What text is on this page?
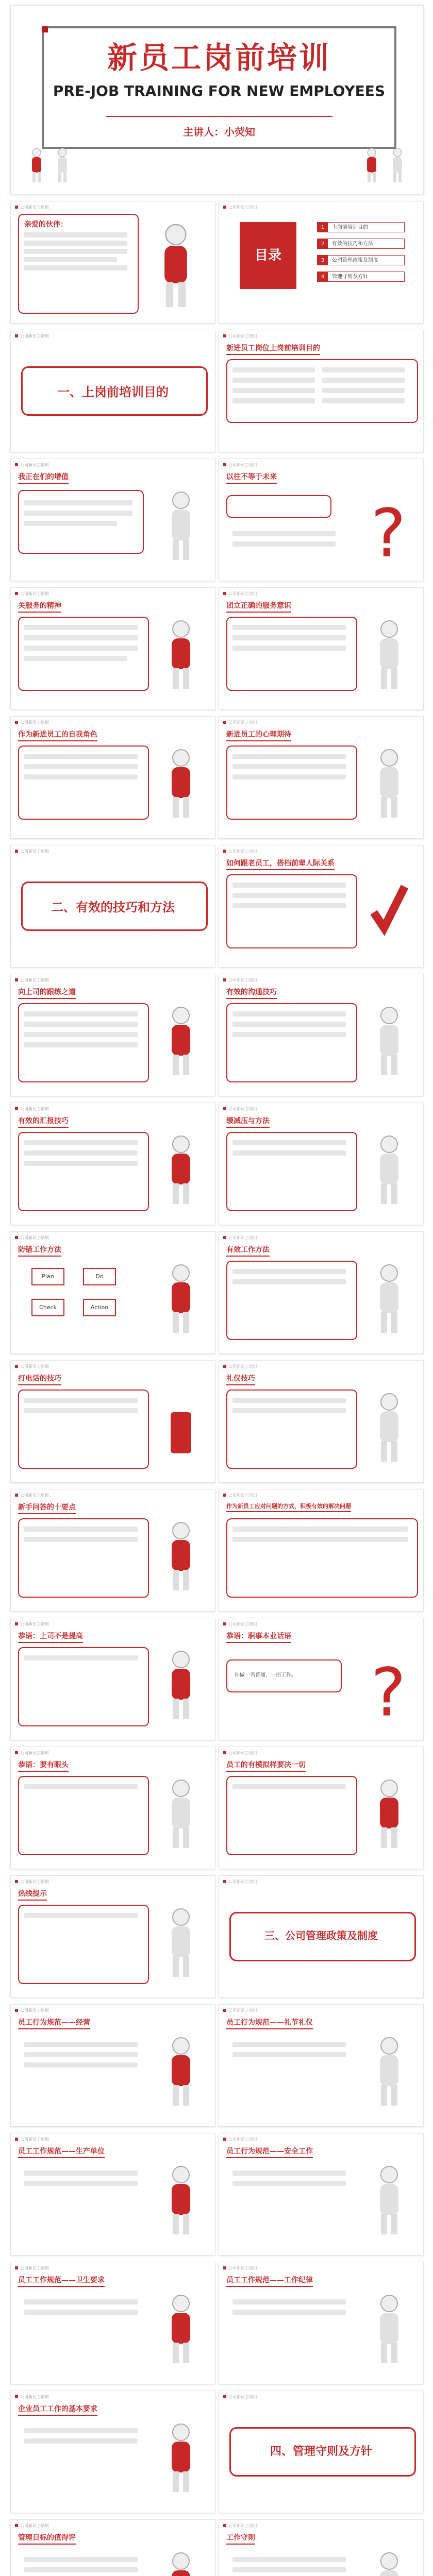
新员工岗前培训
PRE-JOB TRAINING FOR NEW EMPLOYEES
主讲人：小荧知
公司新员工培训
亲爱的伙伴：
公司新员工培训
目录
1	上岗前培训目的
2	有效的技巧和方法
3	公司管理政策及制度
4	管理守则及方针
公司新员工培训
一、上岗前培训目的
公司新员工培训
新进员工岗位上岗前培训目的
公司新员工培训
我正在们的增值
公司新员工培训
以往不等于未来
?
公司新员工培训
关服务的精神
公司新员工培训
团立正确的服务意识
公司新员工培训
作为新进员工的自我角色
公司新员工培训
新进员工的心理期待
公司新员工培训
二、有效的技巧和方法
公司新员工培训
如何跟老员工，搭档前辈人际关系
公司新员工培训
向上司的跟练之道
公司新员工培训
有效的沟通技巧
公司新员工培训
有效的汇报技巧
公司新员工培训
缓减压与方法
公司新员工培训
防错工作方法
Plan	Do
Check	Action
公司新员工培训
有效工作方法
公司新员工培训
打电话的技巧
公司新员工培训
礼仪技巧
公司新员工培训
新手问答的十要点
公司新员工培训
作为新员工应对问题的方式，积极有效的解决问题
公司新员工培训
恭语：上司不是提高
公司新员工培训
恭语：职事本业话语
你做一名普通，一招工作。 ?
公司新员工培训
恭语：要有眼头
公司新员工培训
员工的有模拟样要决一切
公司新员工培训
热线提示
公司新员工培训
三、公司管理政策及制度
公司新员工培训
员工行为规范——经营
公司新员工培训
员工行为规范——礼节礼仪
公司新员工培训
员工工作规范——生产单位
公司新员工培训
员工行为规范——安全工作
公司新员工培训
员工工作规范——卫生要求
公司新员工培训
员工工作规范——工作纪律
公司新员工培训
企业员工工作的基本要求
公司新员工培训
四、管理守则及方针
公司新员工培训
管理目标的值得评
公司新员工培训
工作守则
